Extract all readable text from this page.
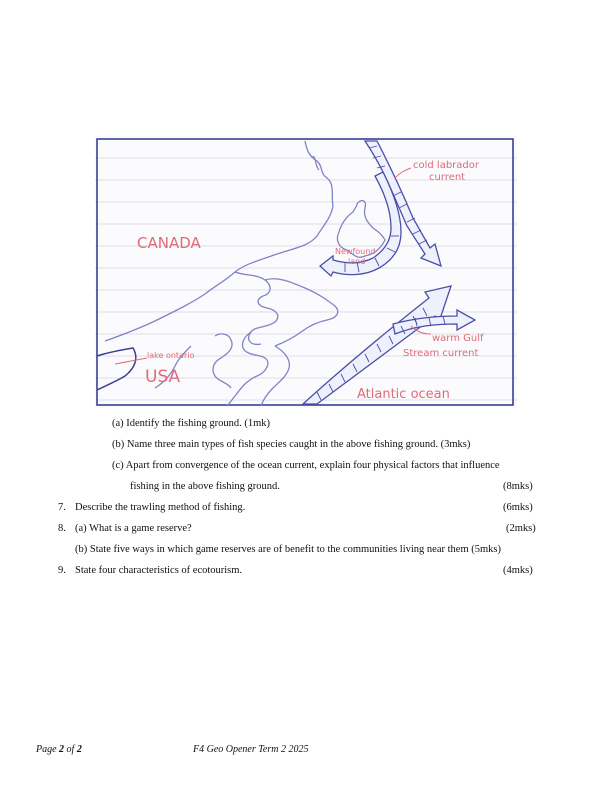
CANADA	Newfound
land
cold labrador
current
warm Gulf
Stream current
lake ontario
USA
Atlantic ocean
(a) Identify the fishing ground. (1mk)
(b) Name three main types of fish species caught in the above fishing ground. (3mks)
(c) Apart from convergence of the ocean current, explain four physical factors that influence
fishing in the above fishing ground.	(8mks)
7. Describe the trawling method of fishing.	(6mks)
8. (a) What is a game reserve?	(2mks)
(b) State five ways in which game reserves are of benefit to the communities living near them (5mks)
9. State four characteristics of ecotourism.	(4mks)
Page 2 of 2	F4 Geo Opener Term 2 2025
